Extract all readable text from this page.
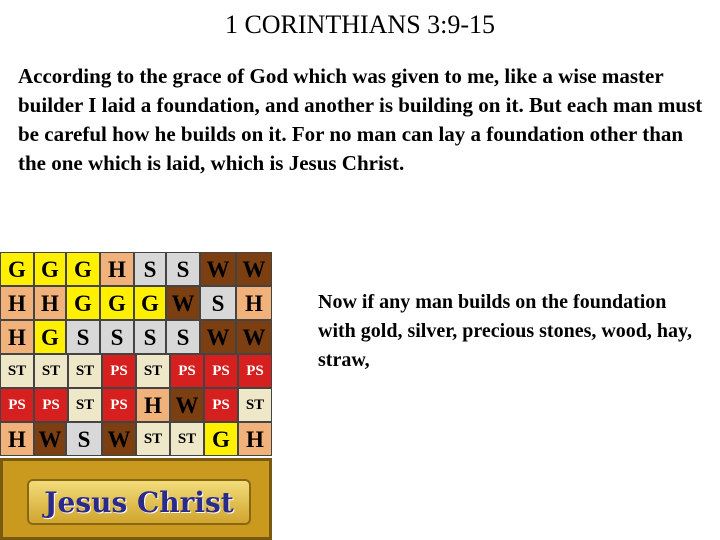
1 CORINTHIANS 3:9-15
According to the grace of God which was given to me, like a wise master builder I laid a foundation, and another is building on it. But each man must be careful how he builds on it. For no man can lay a foundation other than the one which is laid, which is Jesus Christ.
Now if any man builds on the foundation with gold, silver, precious stones, wood, hay, straw,
G G G H S S W W
H H G G G W S H
H G S S S S W W
ST	ST	ST	PS	ST	PS	PS	PS
PS	PS	ST	PS H W PS	ST
H W S W ST	ST G H
Jesus Christ
